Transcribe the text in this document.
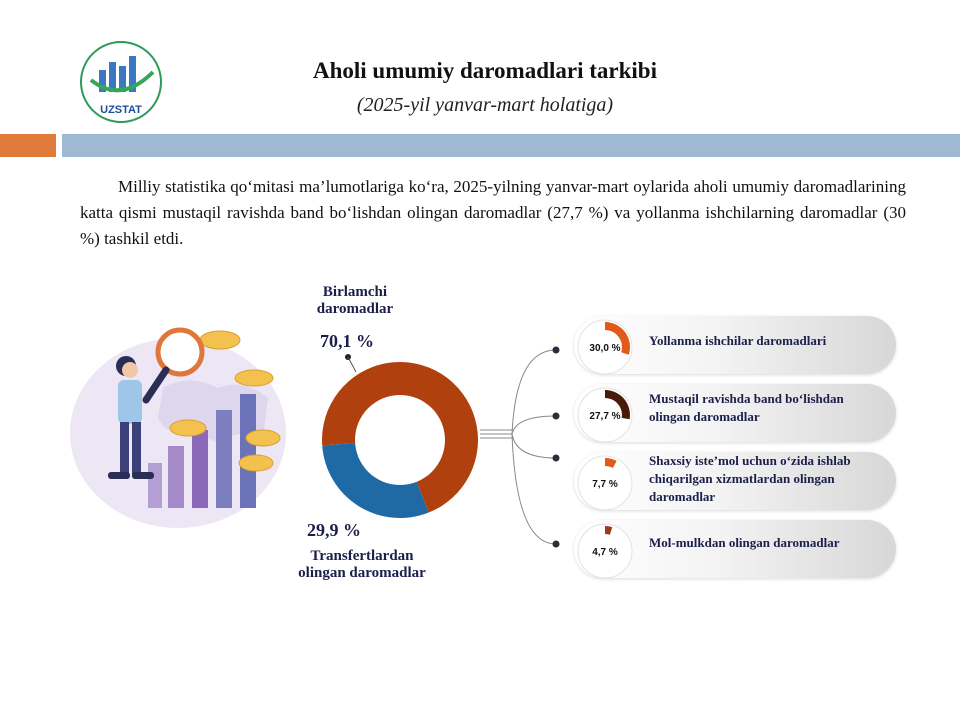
UZSTAT
Aholi umumiy daromadlari tarkibi
(2025-yil yanvar-mart holatiga)

Milliy statistika qo‘mitasi ma’lumotlariga ko‘ra, 2025-yilning yanvar-mart oylarida aholi umumiy daromadlarining katta qismi mustaqil ravishda band bo‘lishdan olingan daromadlar (27,7 %) va yollanma ishchilarning daromadlar (30 %) tashkil etdi.

Birlamchi daromadlar
70,1 %
29,9 %
Transfertlardan olingan daromadlar
30,0 %
Yollanma ishchilar daromadlari
27,7 %
Mustaqil ravishda band bo‘lishdan olingan daromadlar
7,7 %
Shaxsiy iste’mol uchun o‘zida ishlab chiqarilgan xizmatlardan olingan daromadlar
4,7 %
Mol-mulkdan olingan daromadlar
